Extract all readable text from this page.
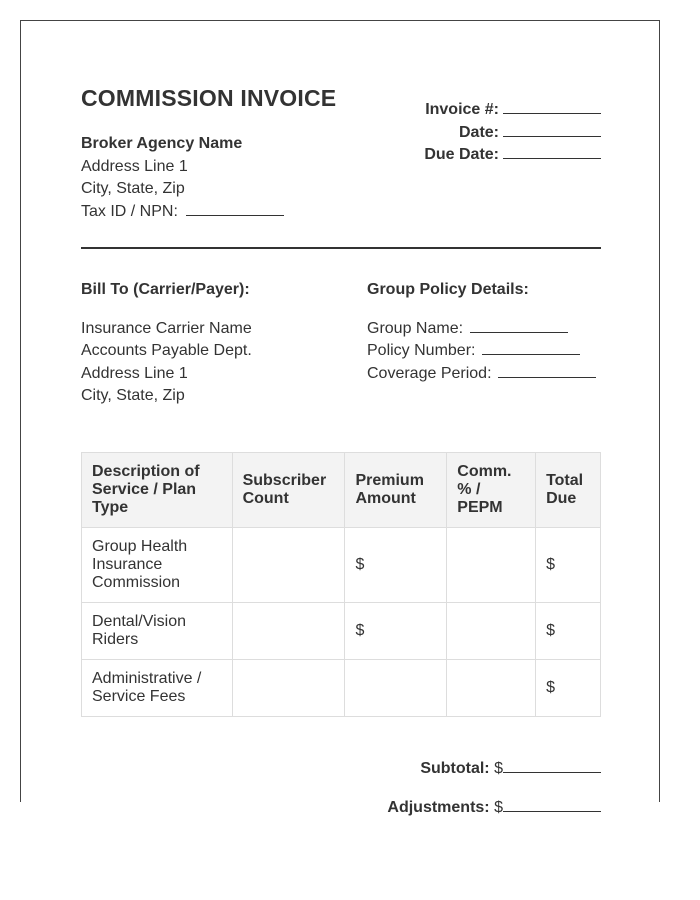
COMMISSION INVOICE
Broker Agency Name
Address Line 1
City, State, Zip
Tax ID / NPN:
Invoice #:
Date:
Due Date:
Bill To (Carrier/Payer):
Insurance Carrier Name
Accounts Payable Dept.
Address Line 1
City, State, Zip
Group Policy Details:
Group Name:
Policy Number:
Coverage Period:
Description of Service / Plan Type	Subscriber Count	Premium Amount	Comm. % / PEPM	Total Due
Group Health Insurance Commission		$		$
Dental/Vision Riders		$		$
Administrative / Service Fees				$
Subtotal: $
Adjustments: $
